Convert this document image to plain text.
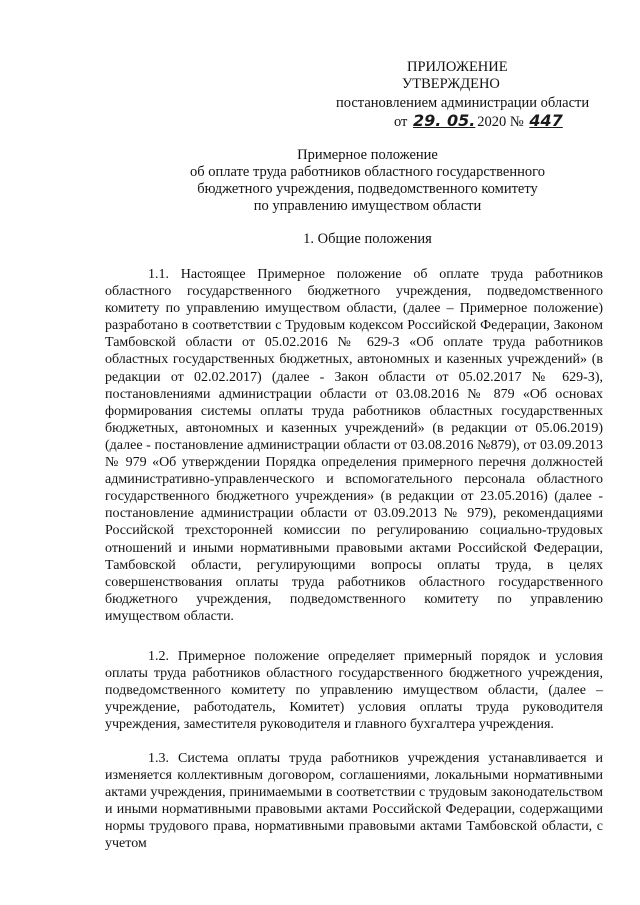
ПРИЛОЖЕНИЕ
УТВЕРЖДЕНО
постановлением администрации области
от 29. 05. 2020 № 447
Примерное положение
об оплате труда работников областного государственного
бюджетного учреждения, подведомственного комитету
по управлению имуществом области
1. Общие положения

1.1. Настоящее Примерное положение об оплате труда работников областного государственного бюджетного учреждения, подведомственного комитету по управлению имуществом области, (далее – Примерное положение) разработано в соответствии с Трудовым кодексом Российской Федерации, Законом Тамбовской области от 05.02.2016 № 629-З «Об оплате труда работников областных государственных бюджетных, автономных и казенных учреждений» (в редакции от 02.02.2017) (далее - Закон области от 05.02.2017 № 629-З), постановлениями администрации области от 03.08.2016 № 879 «Об основах формирования системы оплаты труда работников областных государственных бюджетных, автономных и казенных учреждений» (в редакции от 05.06.2019) (далее - постановление администрации области от 03.08.2016 №879), от 03.09.2013 № 979 «Об утверждении Порядка определения примерного перечня должностей административно-управленческого и вспомогательного персонала областного государственного бюджетного учреждения» (в редакции от 23.05.2016) (далее - постановление администрации области от 03.09.2013 № 979), рекомендациями Российской трехсторонней комиссии по регулированию социально-трудовых отношений и иными нормативными правовыми актами Российской Федерации, Тамбовской области, регулирующими вопросы оплаты труда, в целях совершенствования оплаты труда работников областного государственного бюджетного учреждения, подведомственного комитету по управлению имуществом области.

1.2. Примерное положение определяет примерный порядок и условия оплаты труда работников областного государственного бюджетного учреждения, подведомственного комитету по управлению имуществом области, (далее – учреждение, работодатель, Комитет) условия оплаты труда руководителя учреждения, заместителя руководителя и главного бухгалтера учреждения.

1.3. Система оплаты труда работников учреждения устанавливается и изменяется коллективным договором, соглашениями, локальными нормативными актами учреждения, принимаемыми в соответствии с трудовым законодательством и иными нормативными правовыми актами Российской Федерации, содержащими нормы трудового права, нормативными правовыми актами Тамбовской области, с учетом
